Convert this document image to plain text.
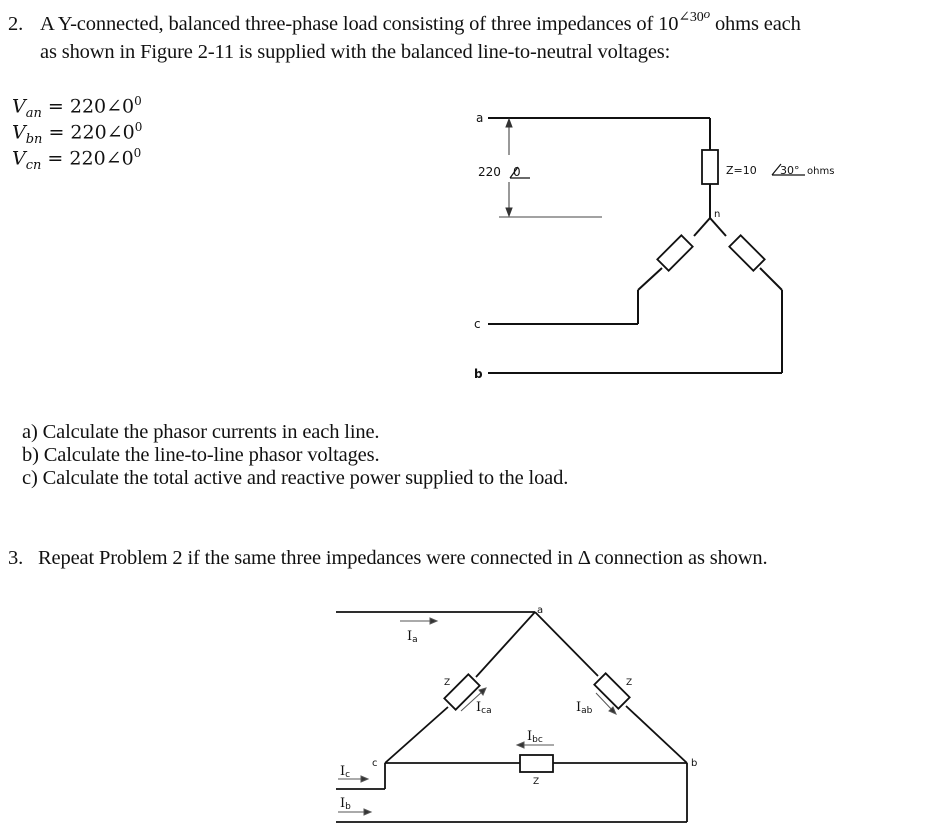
2. A Y-connected, balanced three-phase load consisting of three impedances of $10^{\angle 30o}$ ohms each
as shown in Figure 2-11 is supplied with the balanced line-to-neutral voltages:
$V_{an}$ = $220\angle 0^0$
$V_{bn}$ = $220\angle 0^0$
$V_{cn}$ = $220\angle 0^0$
a) Calculate the phasor currents in each line.
b) Calculate the line-to-line phasor voltages.
c) Calculate the total active and reactive power supplied to the load.
3. Repeat Problem 2 if the same three impedances were connected in Δ connection as shown.
a
c
b
n
220 0	Z=10 30° ohms
a
c	b
Z	Z
Z
Ia
Ica	Iab
Ibc
Ic
Ib
